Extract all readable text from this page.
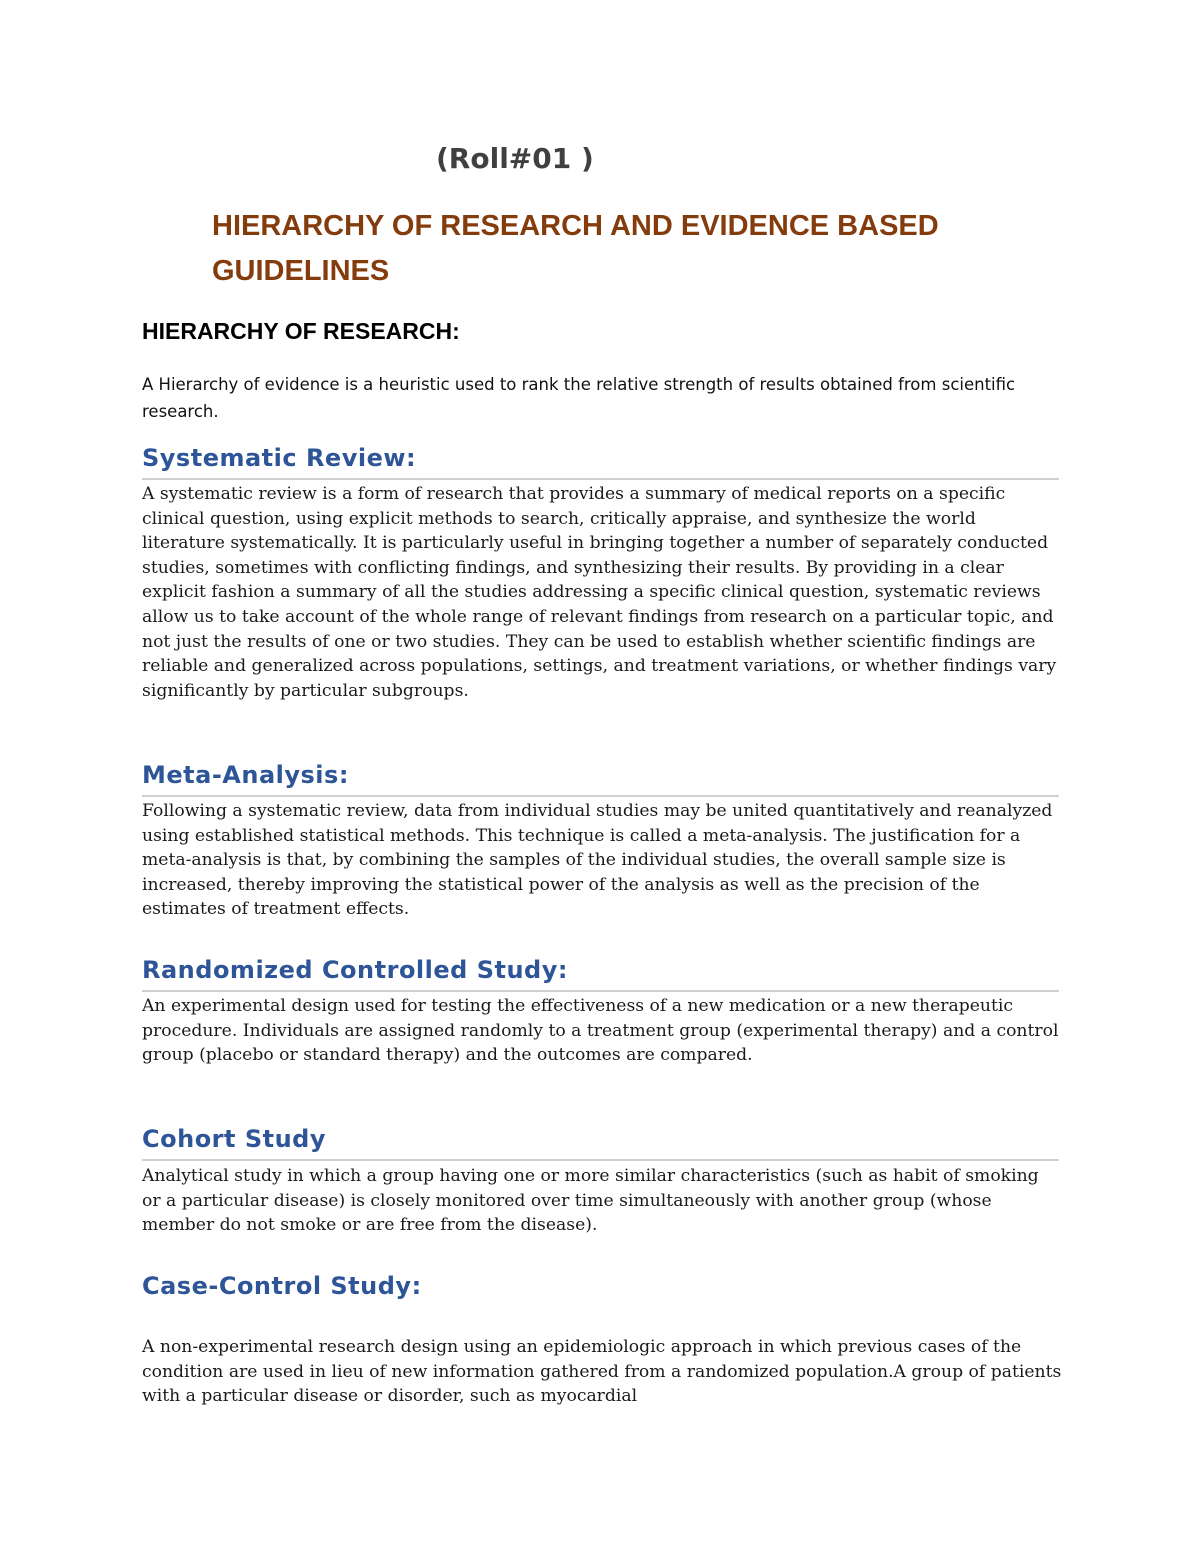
(Roll#01 )

HIERARCHY OF RESEARCH AND EVIDENCE BASED GUIDELINES
HIERARCHY OF RESEARCH:

A Hierarchy of evidence is a heuristic used to rank the relative strength of results obtained from scientific research.

Systematic Review:

A systematic review is a form of research that provides a summary of medical reports on a specific clinical question, using explicit methods to search, critically appraise, and synthesize the world literature systematically. It is particularly useful in bringing together a number of separately conducted studies, sometimes with conflicting findings, and synthesizing their results. By providing in a clear explicit fashion a summary of all the studies addressing a specific clinical question, systematic reviews allow us to take account of the whole range of relevant findings from research on a particular topic, and not just the results of one or two studies. They can be used to establish whether scientific findings are reliable and generalized across populations, settings, and treatment variations, or whether findings vary significantly by particular subgroups.

Meta-Analysis:

Following a systematic review, data from individual studies may be united quantitatively and reanalyzed using established statistical methods. This technique is called a meta-analysis. The justification for a meta-analysis is that, by combining the samples of the individual studies, the overall sample size is increased, thereby improving the statistical power of the analysis as well as the precision of the estimates of treatment effects.

Randomized Controlled Study:

An experimental design used for testing the effectiveness of a new medication or a new therapeutic procedure. Individuals are assigned randomly to a treatment group (experimental therapy) and a control group (placebo or standard therapy) and the outcomes are compared.

Cohort Study

Analytical study in which a group having one or more similar characteristics (such as habit of smoking or a particular disease) is closely monitored over time simultaneously with another group (whose member do not smoke or are free from the disease).

Case-Control Study:

A non-experimental research design using an epidemiologic approach in which previous cases of the condition are used in lieu of new information gathered from a randomized population.A group of patients with a particular disease or disorder, such as myocardial
